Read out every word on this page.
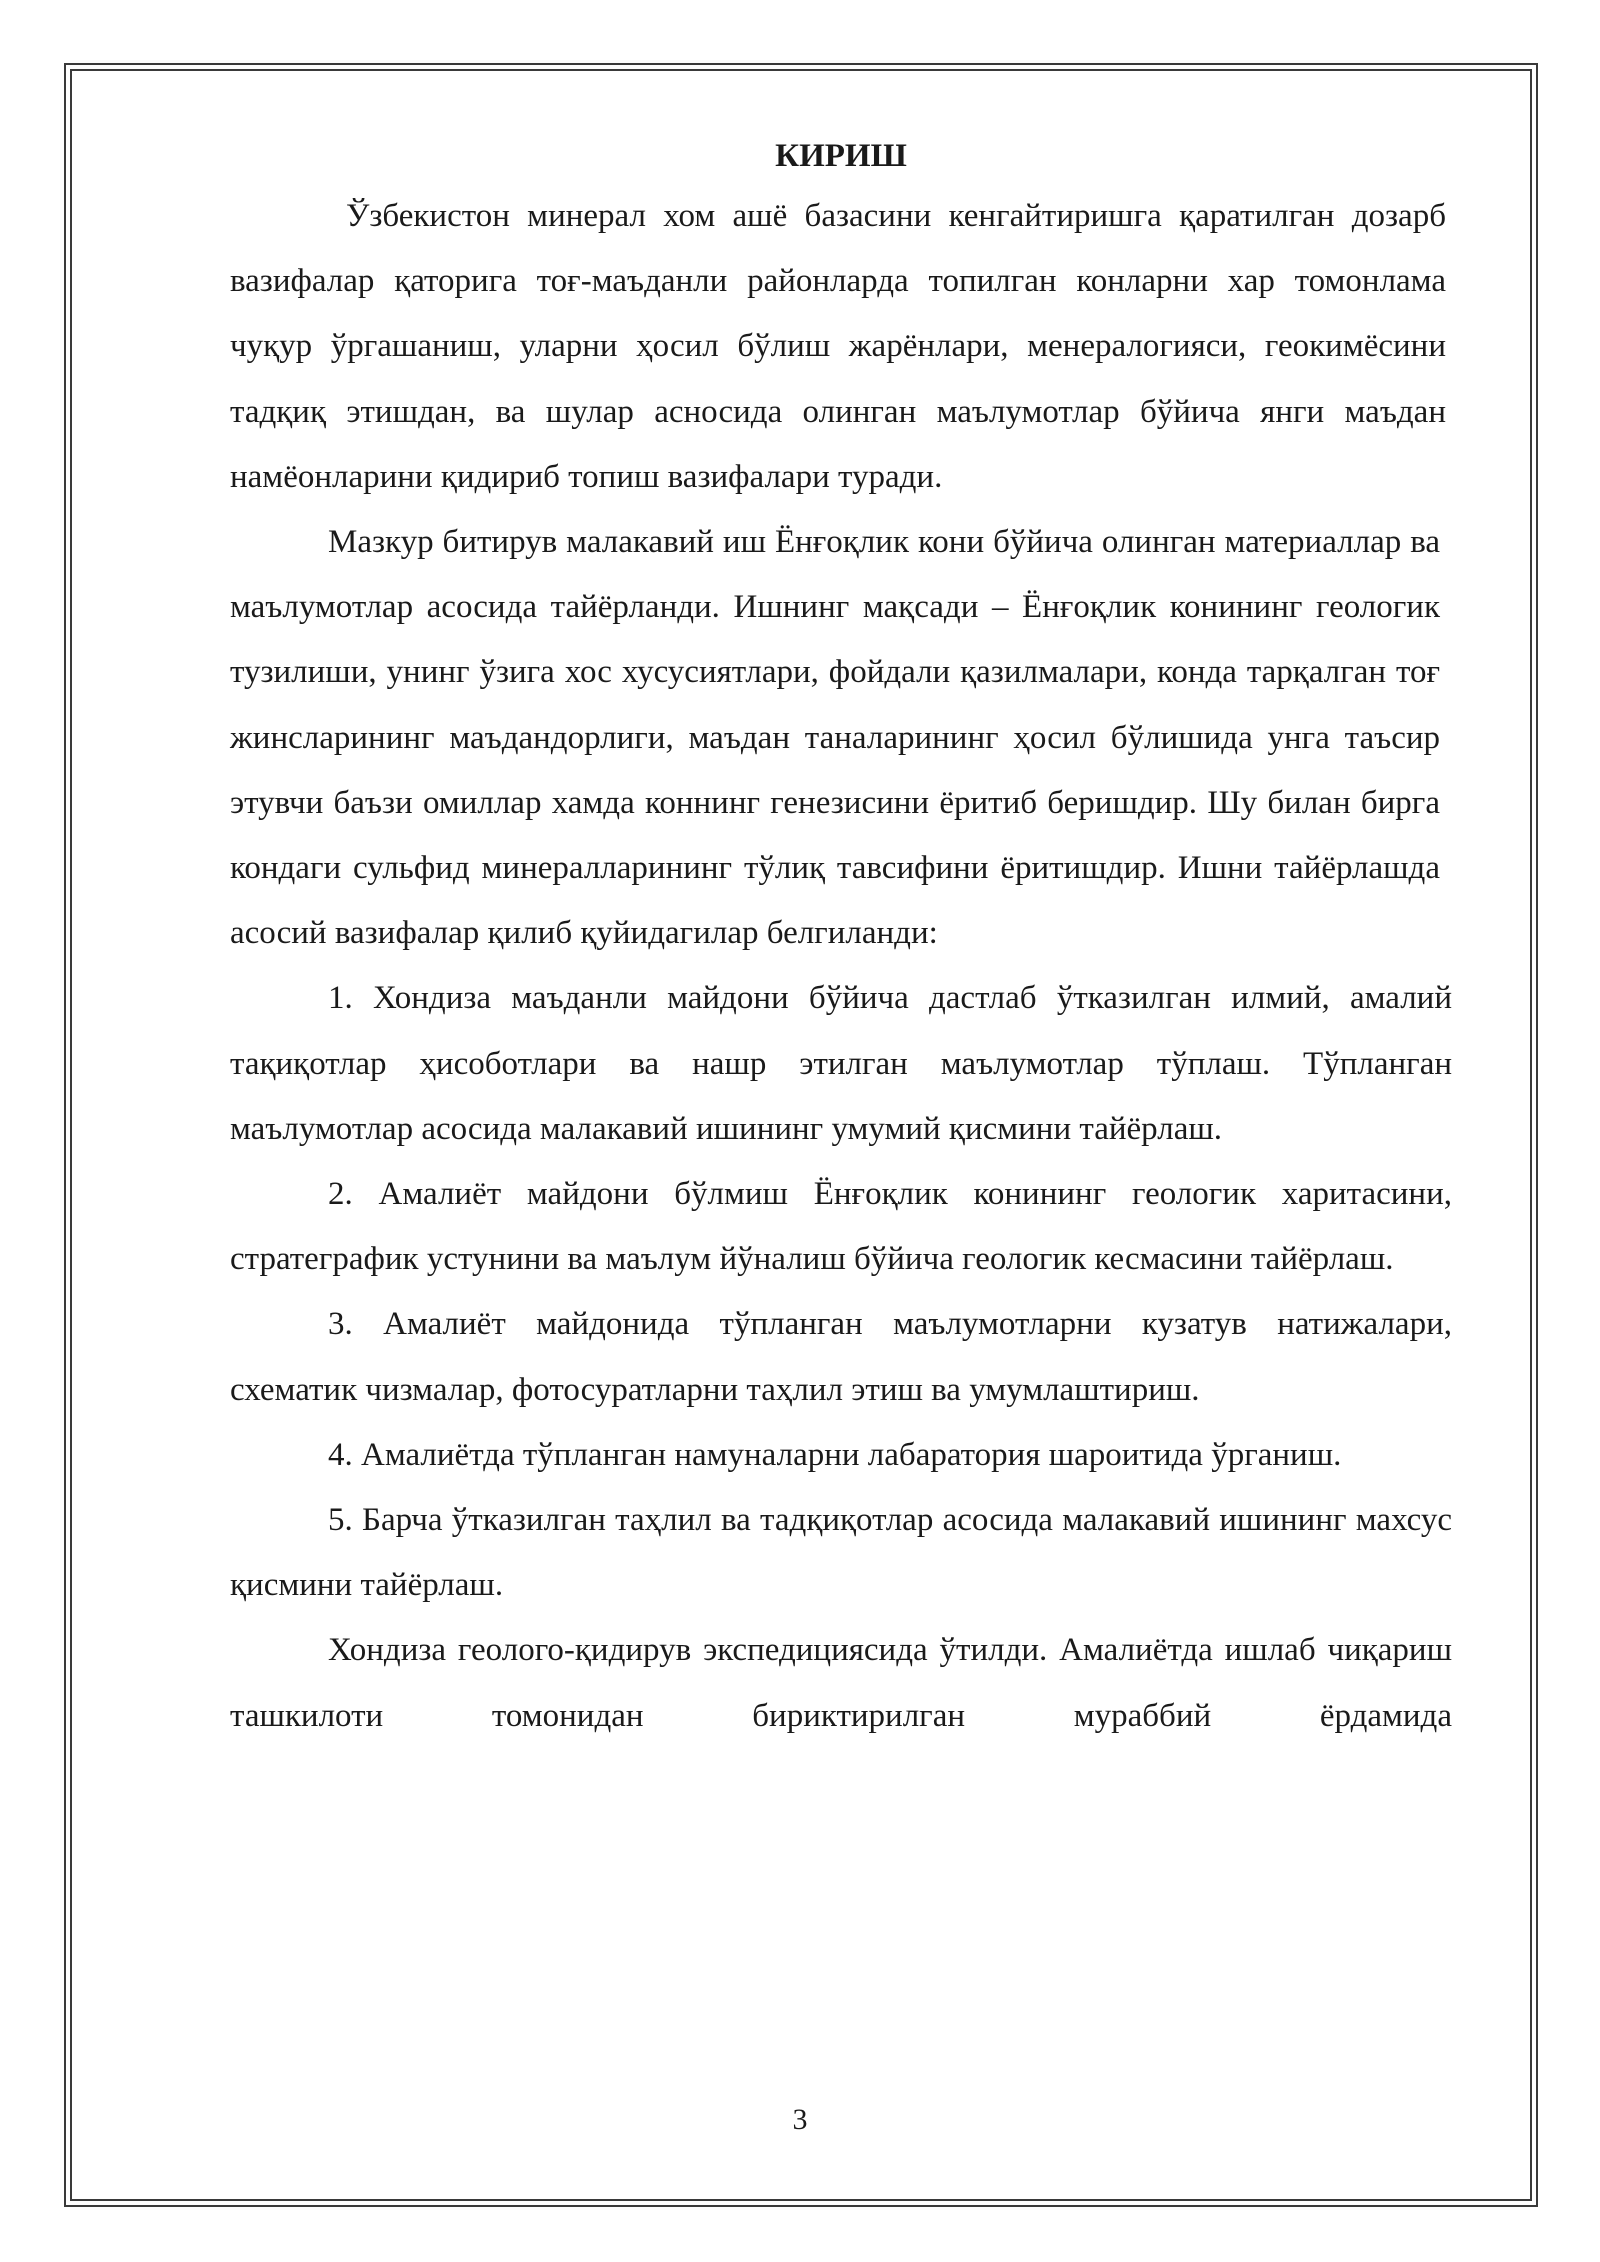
КИРИШ

Ўзбекистон минерал хом ашё базасини кенгайтиришга қаратилган дозарб вазифалар қаторига тоғ-маъданли районларда топилган конларни хар томонлама чуқур ўргашаниш, уларни ҳосил бўлиш жарёнлари, менералогияси, геокимёсини тадқиқ этишдан, ва шулар асносида олинган маълумотлар бўйича янги маъдан намёонларини қидириб топиш вазифалари туради.

Мазкур битирув малакавий иш Ёнғоқлик кони бўйича олинган материаллар ва маълумотлар асосида тайёрланди. Ишнинг мақсади – Ёнғоқлик конининг геологик тузилиши, унинг ўзига хос хусусиятлари, фойдали қазилмалари, конда тарқалган тоғ жинсларининг маъдандорлиги, маъдан таналарининг ҳосил бўлишида унга таъсир этувчи баъзи омиллар хамда коннинг генезисини ёритиб беришдир. Шу билан бирга кондаги сульфид минералларининг тўлиқ тавсифини ёритишдир. Ишни тайёрлашда асосий вазифалар қилиб қуйидагилар белгиланди:

1. Хондиза маъданли майдони бўйича дастлаб ўтказилган илмий, амалий тақиқотлар ҳисоботлари ва нашр этилган маълумотлар тўплаш. Тўпланган маълумотлар асосида малакавий ишининг умумий қисмини тайёрлаш.

2. Амалиёт майдони бўлмиш Ёнғоқлик конининг геологик харитасини, стратеграфик устунини ва маълум йўналиш бўйича геологик кесмасини тайёрлаш.

3. Амалиёт майдонида тўпланган маълумотларни кузатув натижалари, схематик чизмалар, фотосуратларни таҳлил этиш ва умумлаштириш.

4. Амалиётда тўпланган намуналарни лабаратория шароитида ўрганиш.

5. Барча ўтказилган таҳлил ва тадқиқотлар асосида малакавий ишининг махсус қисмини тайёрлаш.

Хондиза геолого-қидирув экспедициясида ўтилди. Амалиётда ишлаб чиқариш ташкилоти томонидан бириктирилган мураббий ёрдамида

3
